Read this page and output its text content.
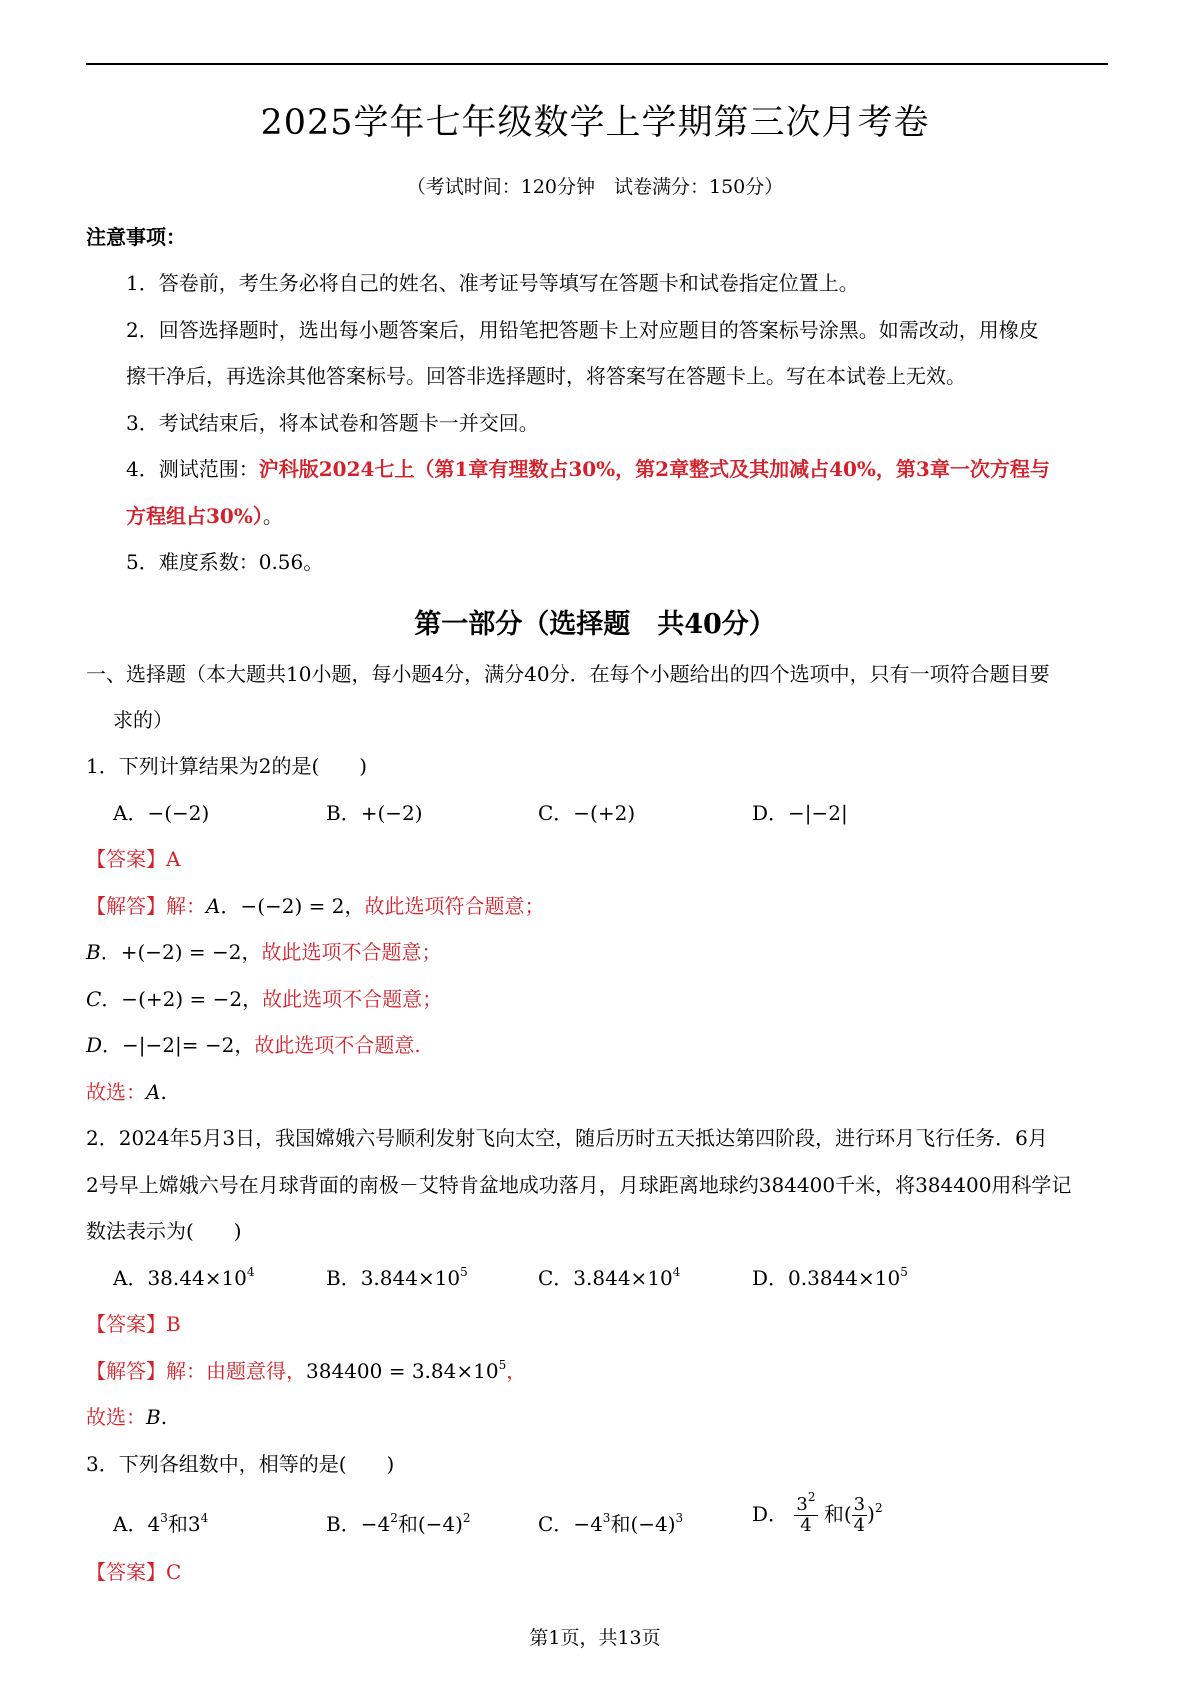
2025学年七年级数学上学期第三次月考卷
（考试时间：120分钟　试卷满分：150分）
注意事项：
1．答卷前，考生务必将自己的姓名、准考证号等填写在答题卡和试卷指定位置上。
2．回答选择题时，选出每小题答案后，用铅笔把答题卡上对应题目的答案标号涂黑。如需改动，用橡皮
擦干净后，再选涂其他答案标号。回答非选择题时，将答案写在答题卡上。写在本试卷上无效。
3．考试结束后，将本试卷和答题卡一并交回。
4．测试范围：沪科版2024七上（第1章有理数占30%，第2章整式及其加减占40%，第3章一次方程与
方程组占30%）。
5．难度系数：0.56。
第一部分（选择题　共40分）
一、选择题（本大题共10小题，每小题4分，满分40分．在每个小题给出的四个选项中，只有一项符合题目要
求的）
1．下列计算结果为2的是(　　)
A．−(−2)	B．+(−2)	C．−(+2)	D．−|−2|
【答案】A
【解答】解：A．−(−2) = 2，故此选项符合题意；
B．+(−2) = −2，故此选项不合题意；
C．−(+2) = −2，故此选项不合题意；
D．−|−2|= −2，故此选项不合题意.
故选：A.
2．2024年5月3日，我国嫦娥六号顺利发射飞向太空，随后历时五天抵达第四阶段，进行环月飞行任务．6月
2号早上嫦娥六号在月球背面的南极－艾特肯盆地成功落月，月球距离地球约384400千米，将384400用科学记
数法表示为(　　)
A．$38.44\times 10^4$	B．$3.844\times 10^5$	C．$3.844\times 10^4$	D．$0.3844\times 10^5$
【答案】B
【解答】解：由题意得，$384400 = 3.84\times 10^5$，
故选：B.
3．下列各组数中，相等的是(　　)
A．$4^3$和$3^4$	B．$-4^2$和$(-4)^2$	C．$-4^3$和$(-4)^3$	D． $\frac{3^2}{4}$ 和( $\frac{3}{4} )^2$
【答案】C
第1页，共13页
